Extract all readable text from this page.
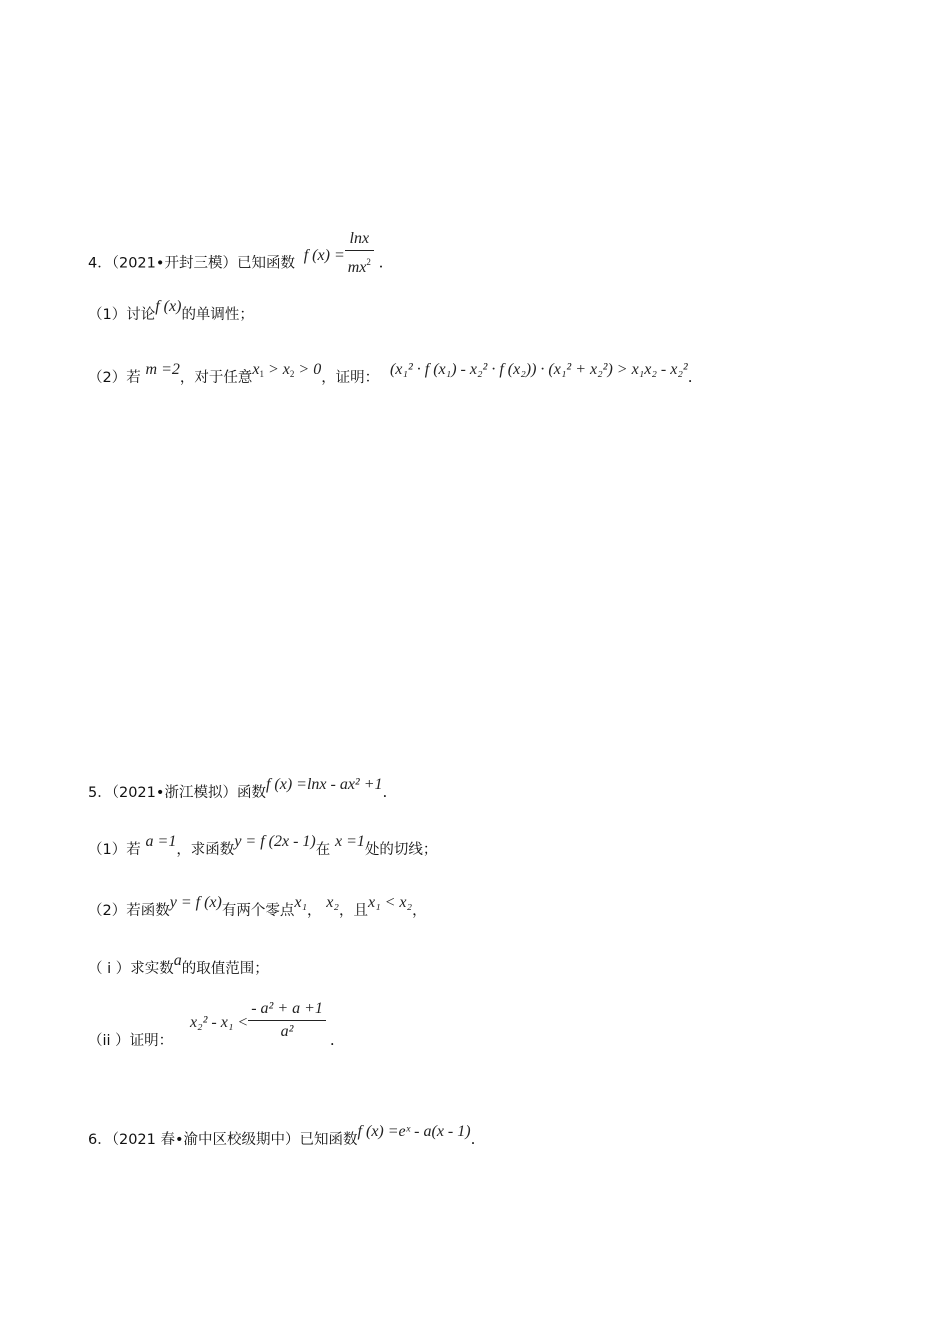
4．（2021•开封三模）已知函数 f $(x) = \frac{\ln x}{mx^2}$ .
（1）讨论f (x)的单调性；
（2）若 m =2，对于任意$x_1 > x_2 > 0$，证明： (x₁² · f (x₁) - x₂² · f (x₂)) · (x₁² + x₂²) > x₁x₂ - x₂².
5．（2021•浙江模拟）函数f (x) =lnx - ax² +1.
（1）若 a =1，求函数y = f (2x - 1)在 x =1处的切线；
（2）若函数y = f (x)有两个零点x₁， x₂，且x₁ < x₂，
（ i ）求实数a的取值范围；
（ii ）证明： $x_2^2 - x_1 < \frac{\text{- a² + a +1}}{\text{a²}}$ .
6．（2021 春•渝中区校级期中）已知函数f (x) =eˣ - a(x - 1).
